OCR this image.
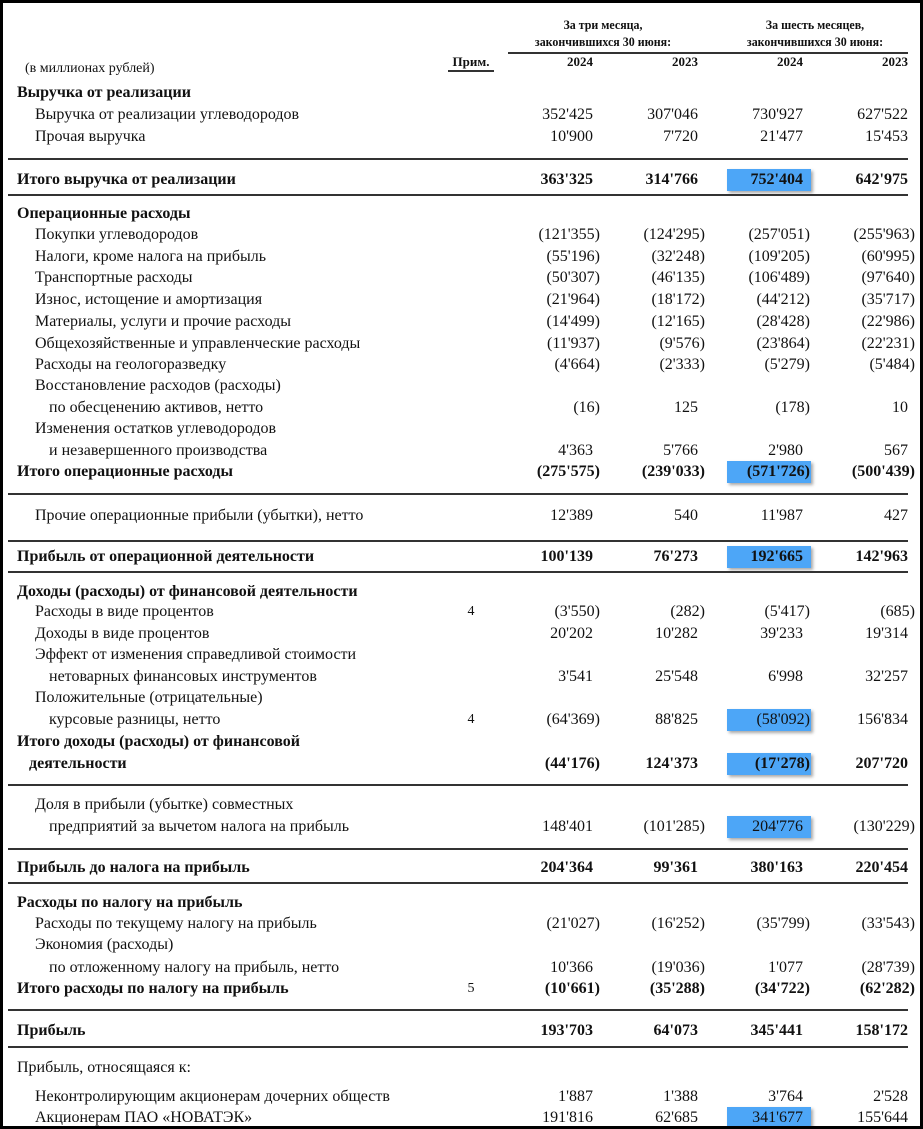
За три месяца,
закончившихся 30 июня:
За шесть месяцев,
закончившихся 30 июня:
Прим.	2024	2023	2024	2023
(в миллионах рублей)
Выручка от реализации
Выручка от реализации углеводородов	352'425	307'046	730'927	627'522
Прочая выручка	10'900	7'720	21'477	15'453
Итого выручка от реализации	363'325	314'766	752'404	642'975
Операционные расходы
Покупки углеводородов	(121'355)	(124'295)	(257'051)	(255'963)
Налоги, кроме налога на прибыль	(55'196)	(32'248)	(109'205)	(60'995)
Транспортные расходы	(50'307)	(46'135)	(106'489)	(97'640)
Износ, истощение и амортизация	(21'964)	(18'172)	(44'212)	(35'717)
Материалы, услуги и прочие расходы	(14'499)	(12'165)	(28'428)	(22'986)
Общехозяйственные и управленческие расходы	(11'937)	(9'576)	(23'864)	(22'231)
Расходы на геологоразведку	(4'664)	(2'333)	(5'279)	(5'484)
Восстановление расходов (расходы)
по обесценению активов, нетто	(16)	125	(178)	10
Изменения остатков углеводородов
и незавершенного производства	4'363	5'766	2'980	567
Итого операционные расходы	(275'575)	(239'033)	(571'726)	(500'439)
Прочие операционные прибыли (убытки), нетто	12'389	540	11'987	427
Прибыль от операционной деятельности	100'139	76'273	192'665	142'963
Доходы (расходы) от финансовой деятельности
Расходы в виде процентов	4	(3'550)	(282)	(5'417)	(685)
Доходы в виде процентов	20'202	10'282	39'233	19'314
Эффект от изменения справедливой стоимости
нетоварных финансовых инструментов	3'541	25'548	6'998	32'257
Положительные (отрицательные)
курсовые разницы, нетто	4	(64'369)	88'825	(58'092)	156'834
Итого доходы (расходы) от финансовой
деятельности	(44'176)	124'373	(17'278)	207'720
Доля в прибыли (убытке) совместных
предприятий за вычетом налога на прибыль	148'401	(101'285)	204'776	(130'229)
Прибыль до налога на прибыль	204'364	99'361	380'163	220'454
Расходы по налогу на прибыль
Расходы по текущему налогу на прибыль	(21'027)	(16'252)	(35'799)	(33'543)
Экономия (расходы)
по отложенному налогу на прибыль, нетто	10'366	(19'036)	1'077	(28'739)
Итого расходы по налогу на прибыль	5	(10'661)	(35'288)	(34'722)	(62'282)
Прибыль	193'703	64'073	345'441	158'172
Прибыль, относящаяся к:
Неконтролирующим акционерам дочерних обществ	1'887	1'388	3'764	2'528
Акционерам ПАО «НОВАТЭК»	191'816	62'685	341'677	155'644
